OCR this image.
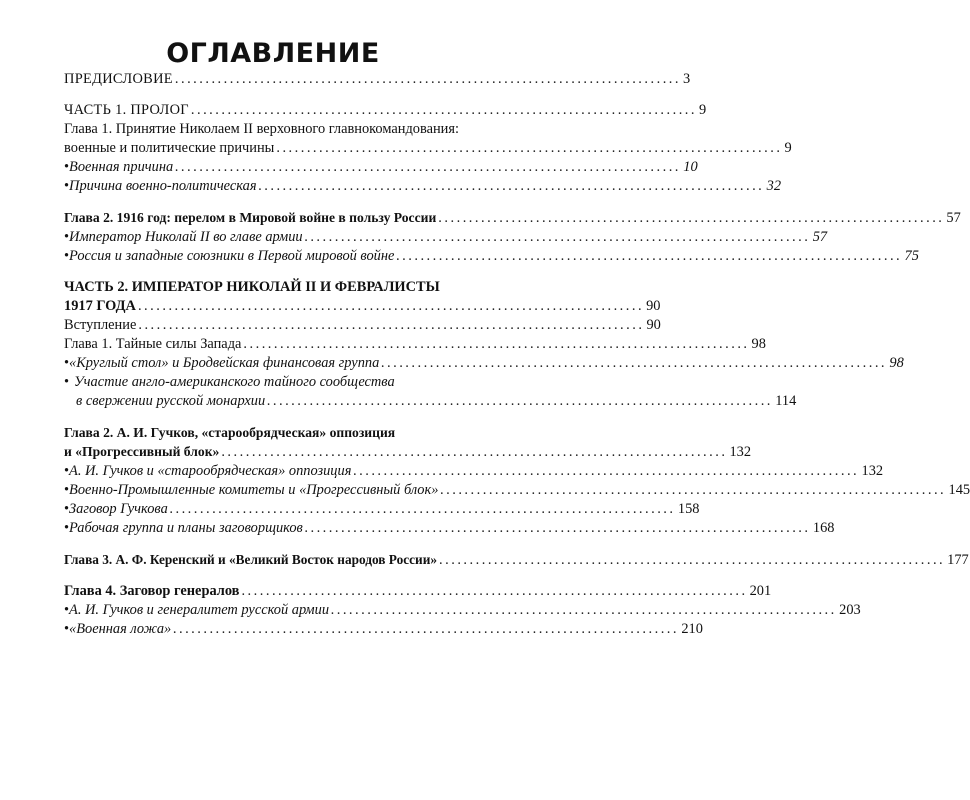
ОГЛАВЛЕНИЕ
ПРЕДИСЛОВИЕ ................................................................................... 3
ЧАСТЬ 1. ПРОЛОГ ................................................................................... 9
Глава 1. Принятие Николаем II верховного главнокомандования:
военные и политические причины ................................................................................... 9
• Военная причина ................................................................................... 10
• Причина военно-политическая ................................................................................... 32
Глава 2. 1916 год: перелом в Мировой войне в пользу России ................................................................................... 57
• Император Николай II во главе армии ................................................................................... 57
• Россия и западные союзники в Первой мировой войне ................................................................................... 75
ЧАСТЬ 2. ИМПЕРАТОР НИКОЛАЙ II И ФЕВРАЛИСТЫ
1917 ГОДА ................................................................................... 90
Вступление ................................................................................... 90
Глава 1. Тайные силы Запада ................................................................................... 98
• «Круглый стол» и Бродвейская финансовая группа ................................................................................... 98
• Участие англо-американского тайного сообщества
в свержении русской монархии ................................................................................... 114
Глава 2. А. И. Гучков, «старообрядческая» оппозиция
и «Прогрессивный блок» ................................................................................... 132
• А. И. Гучков и «старообрядческая» оппозиция ................................................................................... 132
• Военно-Промышленные комитеты и «Прогрессивный блок» ................................................................................... 145
• Заговор Гучкова ................................................................................... 158
• Рабочая группа и планы заговорщиков ................................................................................... 168
Глава 3. А. Ф. Керенский и «Великий Восток народов России» ................................................................................... 177
Глава 4. Заговор генералов ................................................................................... 201
• А. И. Гучков и генералитет русской армии ................................................................................... 203
• «Военная ложа» ................................................................................... 210
